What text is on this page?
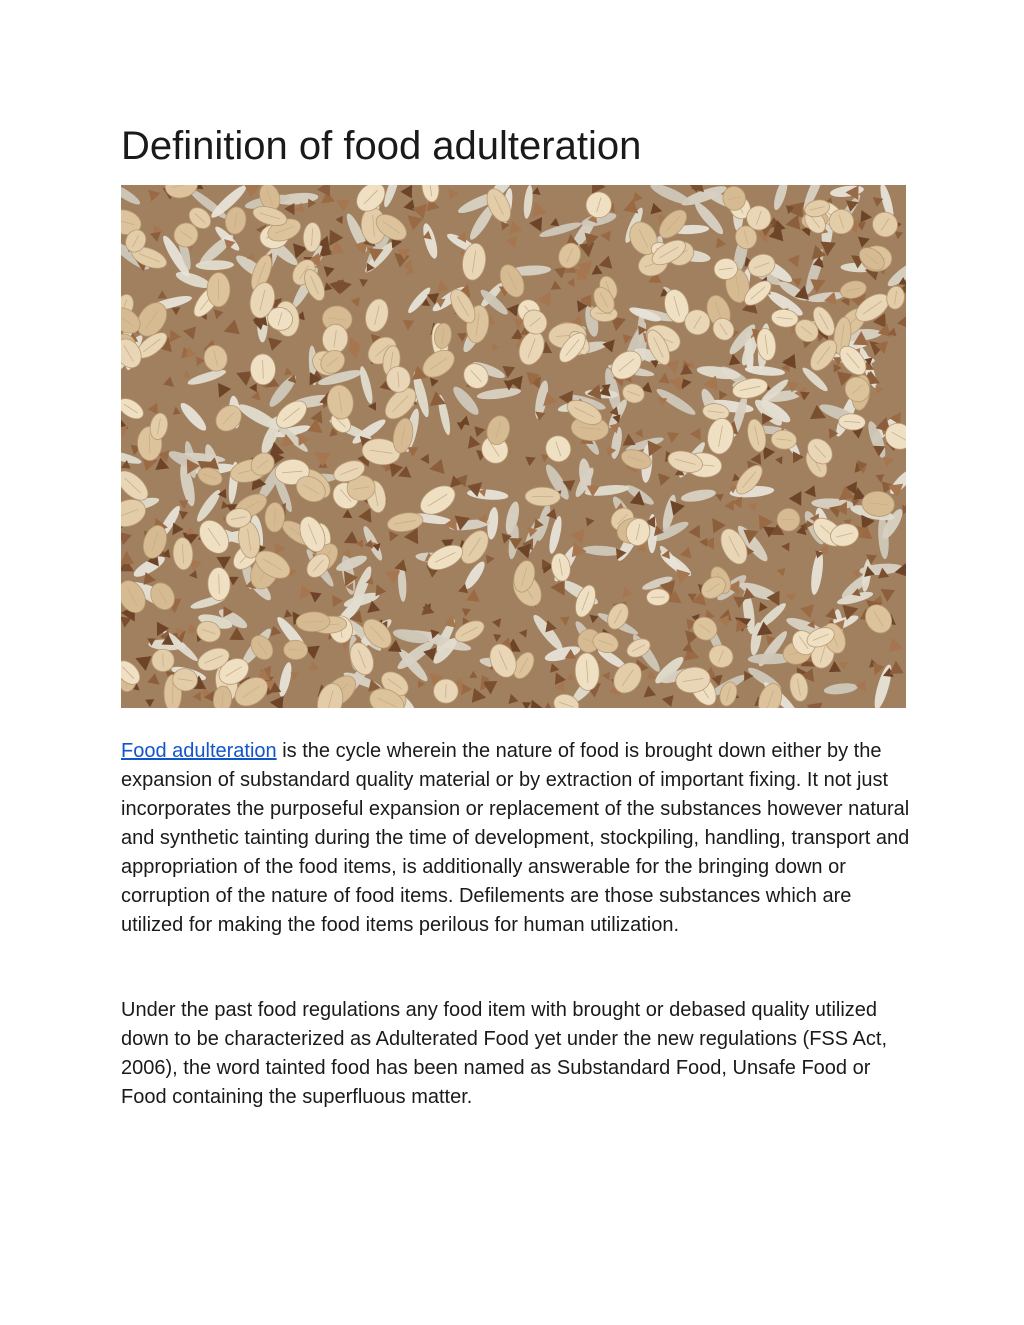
Definition of food adulteration

Food adulteration is the cycle wherein the nature of food is brought down either by the expansion of substandard quality material or by extraction of important fixing. It not just incorporates the purposeful expansion or replacement of the substances however natural and synthetic tainting during the time of development, stockpiling, handling, transport and appropriation of the food items, is additionally answerable for the bringing down or corruption of the nature of food items. Defilements are those substances which are utilized for making the food items perilous for human utilization.

Under the past food regulations any food item with brought or debased quality utilized down to be characterized as Adulterated Food yet under the new regulations (FSS Act, 2006), the word tainted food has been named as Substandard Food, Unsafe Food or Food containing the superfluous matter.
